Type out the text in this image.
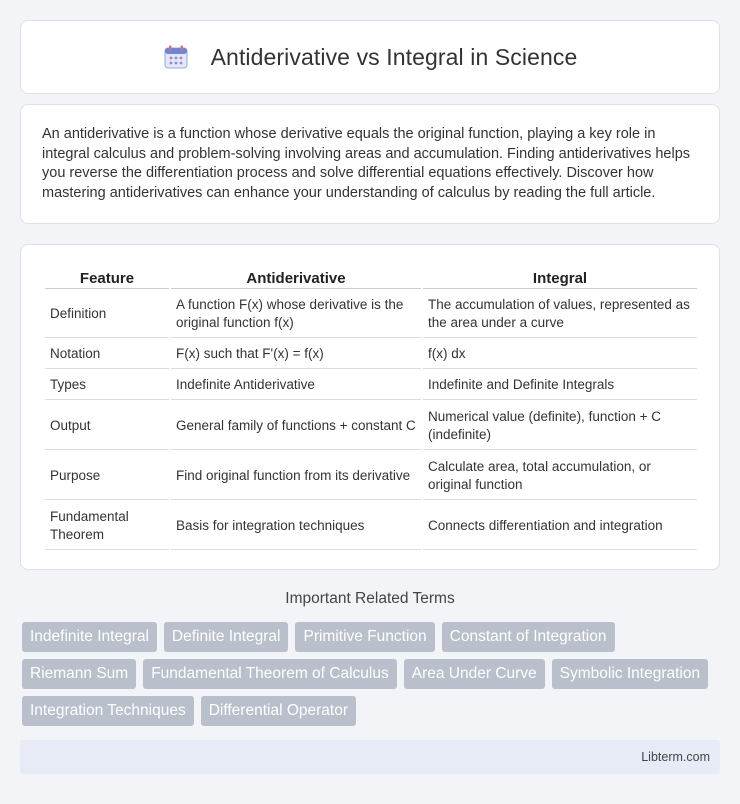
Antiderivative vs Integral in Science

An antiderivative is a function whose derivative equals the original function, playing a key role in integral calculus and problem-solving involving areas and accumulation. Finding antiderivatives helps you reverse the differentiation process and solve differential equations effectively. Discover how mastering antiderivatives can enhance your understanding of calculus by reading the full article.

Feature	Antiderivative	Integral
Definition	A function F(x) whose derivative is the original function f(x)	The accumulation of values, represented as the area under a curve
Notation	F(x) such that F'(x) = f(x)	f(x) dx
Types	Indefinite Antiderivative	Indefinite and Definite Integrals
Output	General family of functions + constant C	Numerical value (definite), function + C (indefinite)
Purpose	Find original function from its derivative	Calculate area, total accumulation, or original function
Fundamental Theorem	Basis for integration techniques	Connects differentiation and integration
Important Related Terms
Indefinite Integral	Definite Integral	Primitive Function	Constant of Integration
Riemann Sum	Fundamental Theorem of Calculus	Area Under Curve	Symbolic Integration
Integration Techniques	Differential Operator
Libterm.com
